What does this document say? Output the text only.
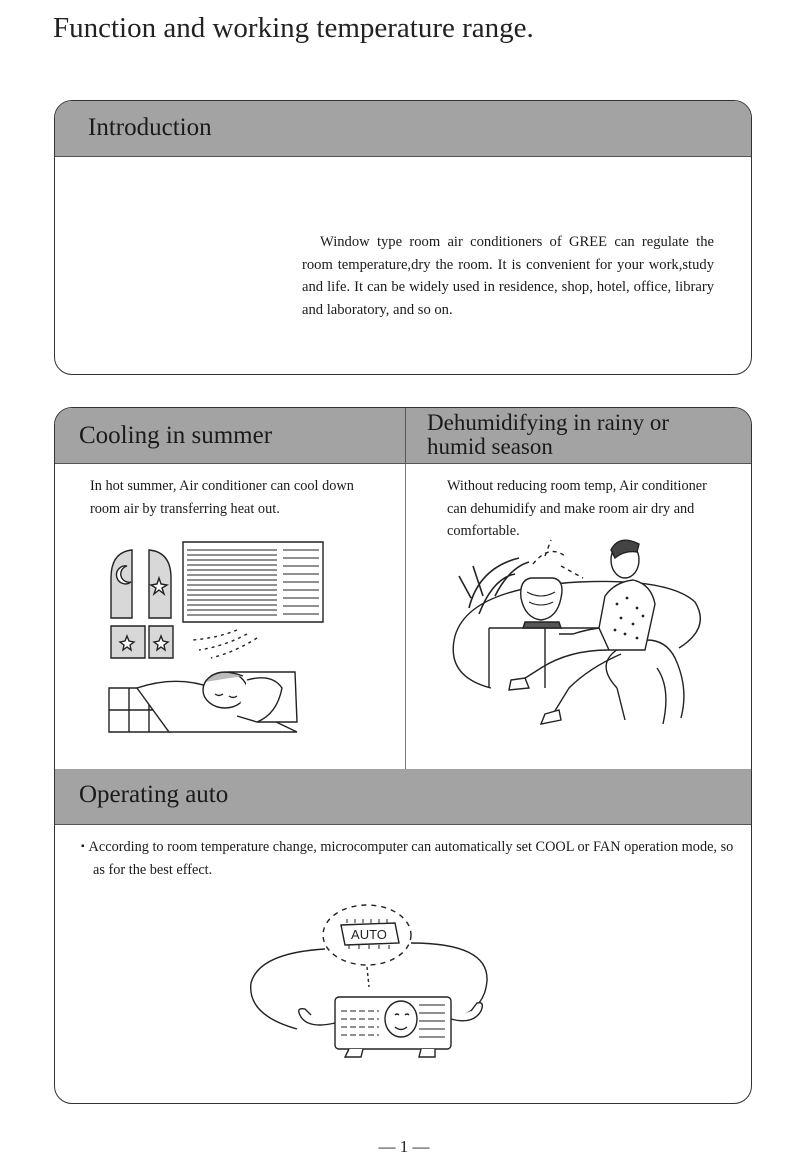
Function and working temperature range.
Introduction

Window type room air conditioners of GREE can regulate the room temperature,dry the room. It is convenient for your work,study and life. It can be widely used in residence, shop, hotel, office, library and laboratory, and so on.

Cooling in summer	Dehumidifying in rainy or humid season

In hot summer, Air conditioner can cool down room air by transferring heat out.

Without reducing room temp, Air conditioner can dehumidify and make room air dry and comfortable.

Operating auto

▪ According to room temperature change, microcomputer can automatically set COOL or FAN operation mode, so as for the best effect.

AUTO
— 1 —
